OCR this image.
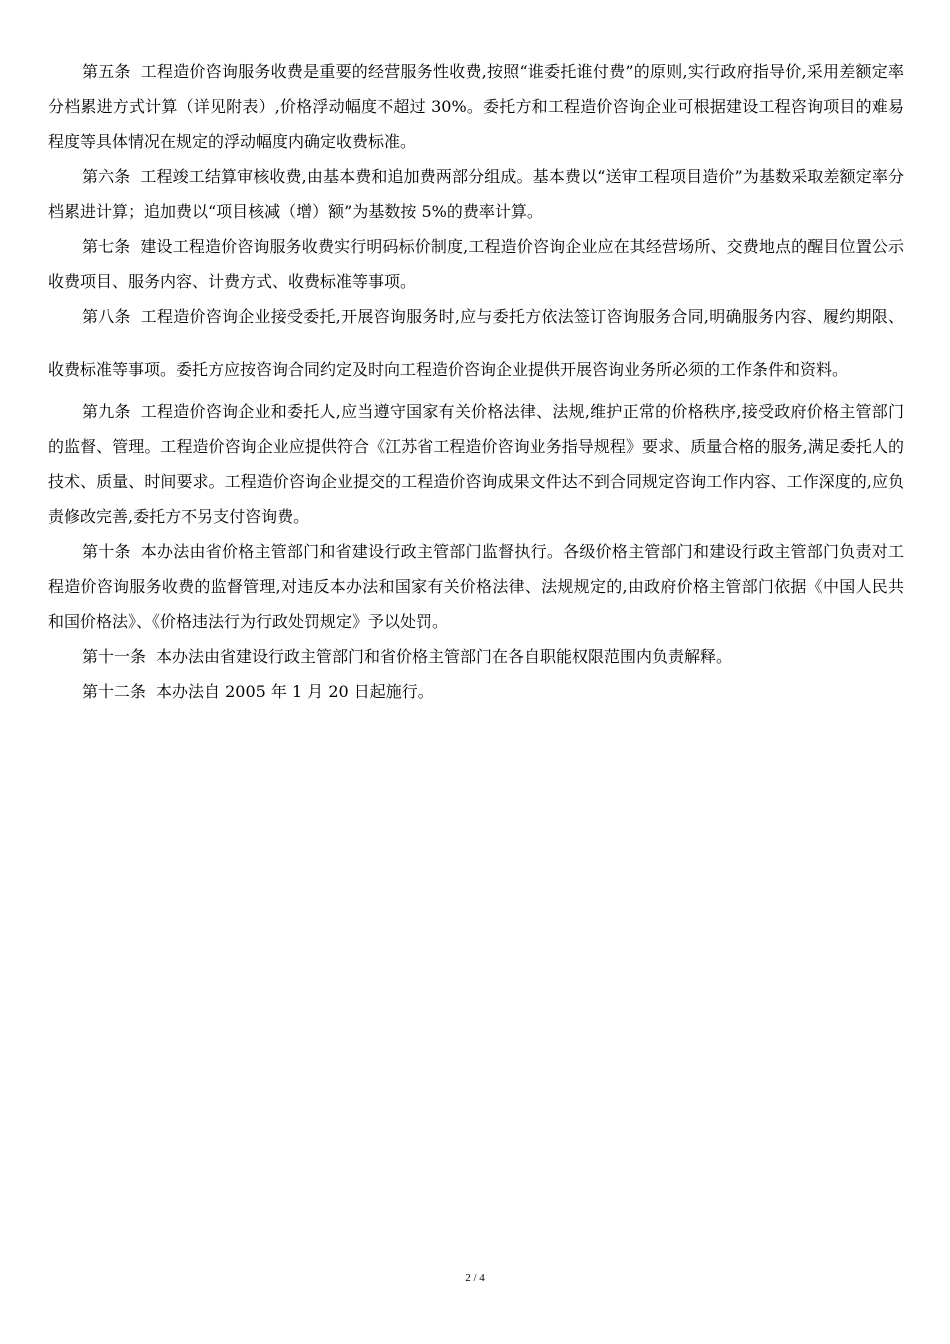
第五条 工程造价咨询服务收费是重要的经营服务性收费,按照“谁委托谁付费”的原则,实行政府指导价,采用差额定率分档累进方式计算（详见附表）,价格浮动幅度不超过 30%。委托方和工程造价咨询企业可根据建设工程咨询项目的难易程度等具体情况在规定的浮动幅度内确定收费标准。

第六条 工程竣工结算审核收费,由基本费和追加费两部分组成。基本费以“送审工程项目造价”为基数采取差额定率分档累进计算；追加费以“项目核减（增）额”为基数按 5%的费率计算。

第七条 建设工程造价咨询服务收费实行明码标价制度,工程造价咨询企业应在其经营场所、交费地点的醒目位置公示收费项目、服务内容、计费方式、收费标准等事项。

第八条 工程造价咨询企业接受委托,开展咨询服务时,应与委托方依法签订咨询服务合同,明确服务内容、履约期限、收费标准等事项。委托方应按咨询合同约定及时向工程造价咨询企业提供开展咨询业务所必须的工作条件和资料。

第九条 工程造价咨询企业和委托人,应当遵守国家有关价格法律、法规,维护正常的价格秩序,接受政府价格主管部门的监督、管理。工程造价咨询企业应提供符合《江苏省工程造价咨询业务指导规程》要求、质量合格的服务,满足委托人的技术、质量、时间要求。工程造价咨询企业提交的工程造价咨询成果文件达不到合同规定咨询工作内容、工作深度的,应负责修改完善,委托方不另支付咨询费。

第十条 本办法由省价格主管部门和省建设行政主管部门监督执行。各级价格主管部门和建设行政主管部门负责对工程造价咨询服务收费的监督管理,对违反本办法和国家有关价格法律、法规规定的,由政府价格主管部门依据《中国人民共和国价格法》、《价格违法行为行政处罚规定》予以处罚。

第十一条 本办法由省建设行政主管部门和省价格主管部门在各自职能权限范围内负责解释。

第十二条 本办法自 2005 年 1 月 20 日起施行。

2 / 4
